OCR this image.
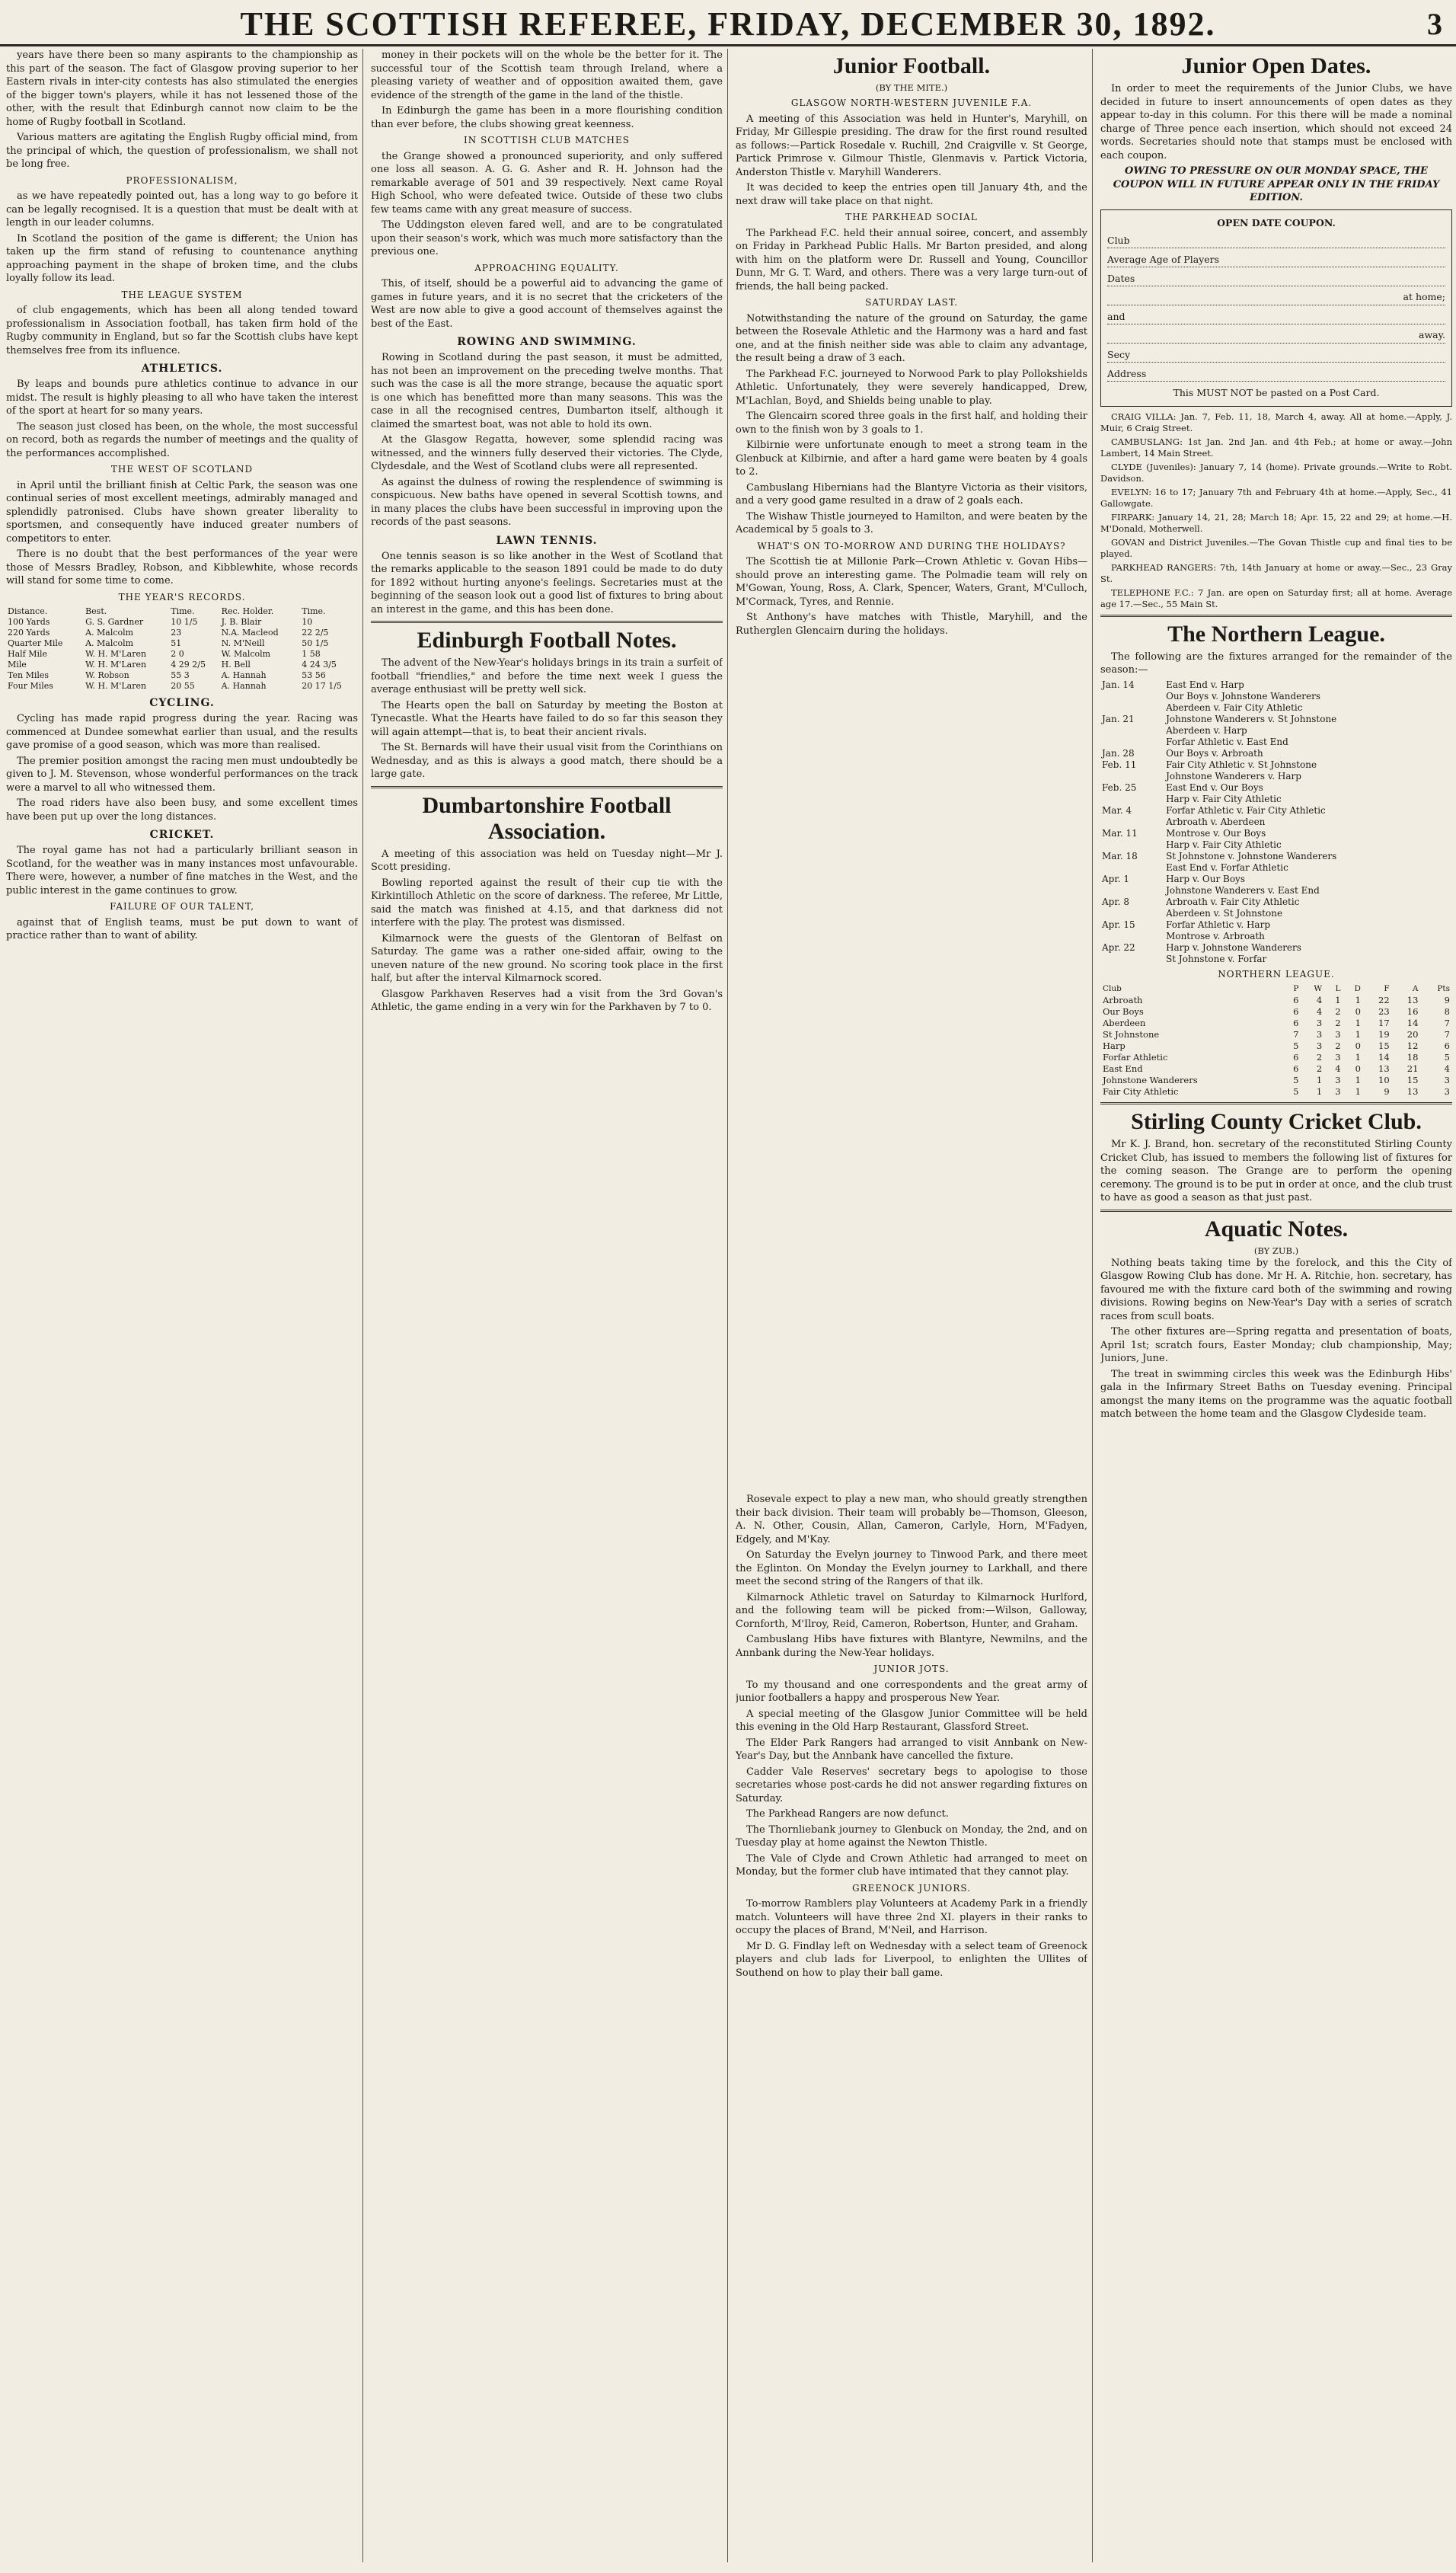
THE SCOTTISH REFEREE, FRIDAY, DECEMBER 30, 1892.	3

years have there been so many aspirants to the championship as this part of the season. The fact of Glasgow proving superior to her Eastern rivals in inter-city contests has also stimulated the energies of the bigger town's players, while it has not lessened those of the other, with the result that Edinburgh cannot now claim to be the home of Rugby football in Scotland.

Various matters are agitating the English Rugby official mind, from the principal of which, the question of professionalism, we shall not be long free.

PROFESSIONALISM,

as we have repeatedly pointed out, has a long way to go before it can be legally recognised. It is a question that must be dealt with at length in our leader columns.

In Scotland the position of the game is different; the Union has taken up the firm stand of refusing to countenance anything approaching payment in the shape of broken time, and the clubs loyally follow its lead.

THE LEAGUE SYSTEM

of club engagements, which has been all along tended toward professionalism in Association football, has taken firm hold of the Rugby community in England, but so far the Scottish clubs have kept themselves free from its influence.

ATHLETICS.

By leaps and bounds pure athletics continue to advance in our midst. The result is highly pleasing to all who have taken the interest of the sport at heart for so many years.

The season just closed has been, on the whole, the most successful on record, both as regards the number of meetings and the quality of the performances accomplished.

THE WEST OF SCOTLAND

in April until the brilliant finish at Celtic Park, the season was one continual series of most excellent meetings, admirably managed and splendidly patronised. Clubs have shown greater liberality to sportsmen, and consequently have induced greater numbers of competitors to enter.

There is no doubt that the best performances of the year were those of Messrs Bradley, Robson, and Kibblewhite, whose records will stand for some time to come.

THE YEAR'S RECORDS.
Distance.	Best.	Time.	Rec. Holder.	Time.
100 Yards	G. S. Gardner	10 1/5	J. B. Blair	10
220 Yards	A. Malcolm	23	N.A. Macleod	22 2/5
Quarter Mile	A. Malcolm	51	N. M'Neill	50 1/5
Half Mile	W. H. M'Laren	2 0	W. Malcolm	1 58
Mile	W. H. M'Laren	4 29 2/5	H. Bell	4 24 3/5
Ten Miles	W. Robson	55 3	A. Hannah	53 56
Four Miles	W. H. M'Laren	20 55	A. Hannah	20 17 1/5
CYCLING.

Cycling has made rapid progress during the year. Racing was commenced at Dundee somewhat earlier than usual, and the results gave promise of a good season, which was more than realised.

The premier position amongst the racing men must undoubtedly be given to J. M. Stevenson, whose wonderful performances on the track were a marvel to all who witnessed them.

The road riders have also been busy, and some excellent times have been put up over the long distances.

CRICKET.

The royal game has not had a particularly brilliant season in Scotland, for the weather was in many instances most unfavourable. There were, however, a number of fine matches in the West, and the public interest in the game continues to grow.

FAILURE OF OUR TALENT,

against that of English teams, must be put down to want of practice rather than to want of ability.

money in their pockets will on the whole be the better for it. The successful tour of the Scottish team through Ireland, where a pleasing variety of weather and of opposition awaited them, gave evidence of the strength of the game in the land of the thistle.

In Edinburgh the game has been in a more flourishing condition than ever before, the clubs showing great keenness.

IN SCOTTISH CLUB MATCHES

the Grange showed a pronounced superiority, and only suffered one loss all season. A. G. G. Asher and R. H. Johnson had the remarkable average of 501 and 39 respectively. Next came Royal High School, who were defeated twice. Outside of these two clubs few teams came with any great measure of success.

The Uddingston eleven fared well, and are to be congratulated upon their season's work, which was much more satisfactory than the previous one.

APPROACHING EQUALITY.

This, of itself, should be a powerful aid to advancing the game of games in future years, and it is no secret that the cricketers of the West are now able to give a good account of themselves against the best of the East.

ROWING AND SWIMMING.

Rowing in Scotland during the past season, it must be admitted, has not been an improvement on the preceding twelve months. That such was the case is all the more strange, because the aquatic sport is one which has benefitted more than many seasons. This was the case in all the recognised centres, Dumbarton itself, although it claimed the smartest boat, was not able to hold its own.

At the Glasgow Regatta, however, some splendid racing was witnessed, and the winners fully deserved their victories. The Clyde, Clydesdale, and the West of Scotland clubs were all represented.

As against the dulness of rowing the resplendence of swimming is conspicuous. New baths have opened in several Scottish towns, and in many places the clubs have been successful in improving upon the records of the past seasons.

LAWN TENNIS.

One tennis season is so like another in the West of Scotland that the remarks applicable to the season 1891 could be made to do duty for 1892 without hurting anyone's feelings. Secretaries must at the beginning of the season look out a good list of fixtures to bring about an interest in the game, and this has been done.

Edinburgh Football Notes.

The advent of the New-Year's holidays brings in its train a surfeit of football "friendlies," and before the time next week I guess the average enthusiast will be pretty well sick.

The Hearts open the ball on Saturday by meeting the Boston at Tynecastle. What the Hearts have failed to do so far this season they will again attempt—that is, to beat their ancient rivals.

The St. Bernards will have their usual visit from the Corinthians on Wednesday, and as this is always a good match, there should be a large gate.

Dumbartonshire Football Association.

A meeting of this association was held on Tuesday night—Mr J. Scott presiding.

Bowling reported against the result of their cup tie with the Kirkintilloch Athletic on the score of darkness. The referee, Mr Little, said the match was finished at 4.15, and that darkness did not interfere with the play. The protest was dismissed.

Kilmarnock were the guests of the Glentoran of Belfast on Saturday. The game was a rather one-sided affair, owing to the uneven nature of the new ground. No scoring took place in the first half, but after the interval Kilmarnock scored.

Glasgow Parkhaven Reserves had a visit from the 3rd Govan's Athletic, the game ending in a very win for the Parkhaven by 7 to 0.

Junior Football.
(BY THE MITE.)
GLASGOW NORTH-WESTERN JUVENILE F.A.

A meeting of this Association was held in Hunter's, Maryhill, on Friday, Mr Gillespie presiding. The draw for the first round resulted as follows:—Partick Rosedale v. Ruchill, 2nd Craigville v. St George, Partick Primrose v. Gilmour Thistle, Glenmavis v. Partick Victoria, Anderston Thistle v. Maryhill Wanderers.

It was decided to keep the entries open till January 4th, and the next draw will take place on that night.

THE PARKHEAD SOCIAL

The Parkhead F.C. held their annual soiree, concert, and assembly on Friday in Parkhead Public Halls. Mr Barton presided, and along with him on the platform were Dr. Russell and Young, Councillor Dunn, Mr G. T. Ward, and others. There was a very large turn-out of friends, the hall being packed.

SATURDAY LAST.

Notwithstanding the nature of the ground on Saturday, the game between the Rosevale Athletic and the Harmony was a hard and fast one, and at the finish neither side was able to claim any advantage, the result being a draw of 3 each.

The Parkhead F.C. journeyed to Norwood Park to play Pollokshields Athletic. Unfortunately, they were severely handicapped, Drew, M'Lachlan, Boyd, and Shields being unable to play.

The Glencairn scored three goals in the first half, and holding their own to the finish won by 3 goals to 1.

Kilbirnie were unfortunate enough to meet a strong team in the Glenbuck at Kilbirnie, and after a hard game were beaten by 4 goals to 2.

Cambuslang Hibernians had the Blantyre Victoria as their visitors, and a very good game resulted in a draw of 2 goals each.

The Wishaw Thistle journeyed to Hamilton, and were beaten by the Academical by 5 goals to 3.

WHAT'S ON TO-MORROW AND DURING THE HOLIDAYS?

The Scottish tie at Millonie Park—Crown Athletic v. Govan Hibs—should prove an interesting game. The Polmadie team will rely on M'Gowan, Young, Ross, A. Clark, Spencer, Waters, Grant, M'Culloch, M'Cormack, Tyres, and Rennie.

St Anthony's have matches with Thistle, Maryhill, and the Rutherglen Glencairn during the holidays.

Rosevale expect to play a new man, who should greatly strengthen their back division. Their team will probably be—Thomson, Gleeson, A. N. Other, Cousin, Allan, Cameron, Carlyle, Horn, M'Fadyen, Edgely, and M'Kay.

On Saturday the Evelyn journey to Tinwood Park, and there meet the Eglinton. On Monday the Evelyn journey to Larkhall, and there meet the second string of the Rangers of that ilk.

Kilmarnock Athletic travel on Saturday to Kilmarnock Hurlford, and the following team will be picked from:—Wilson, Galloway, Cornforth, M'Ilroy, Reid, Cameron, Robertson, Hunter, and Graham.

Cambuslang Hibs have fixtures with Blantyre, Newmilns, and the Annbank during the New-Year holidays.

JUNIOR JOTS.

To my thousand and one correspondents and the great army of junior footballers a happy and prosperous New Year.

A special meeting of the Glasgow Junior Committee will be held this evening in the Old Harp Restaurant, Glassford Street.

The Elder Park Rangers had arranged to visit Annbank on New-Year's Day, but the Annbank have cancelled the fixture.

Cadder Vale Reserves' secretary begs to apologise to those secretaries whose post-cards he did not answer regarding fixtures on Saturday.

The Parkhead Rangers are now defunct.

The Thornliebank journey to Glenbuck on Monday, the 2nd, and on Tuesday play at home against the Newton Thistle.

The Vale of Clyde and Crown Athletic had arranged to meet on Monday, but the former club have intimated that they cannot play.

GREENOCK JUNIORS.

To-morrow Ramblers play Volunteers at Academy Park in a friendly match. Volunteers will have three 2nd XI. players in their ranks to occupy the places of Brand, M'Neil, and Harrison.

Mr D. G. Findlay left on Wednesday with a select team of Greenock players and club lads for Liverpool, to enlighten the Ullites of Southend on how to play their ball game.

Junior Open Dates.

In order to meet the requirements of the Junior Clubs, we have decided in future to insert announcements of open dates as they appear to-day in this column. For this there will be made a nominal charge of Three pence each insertion, which should not exceed 24 words. Secretaries should note that stamps must be enclosed with each coupon.

OWING TO PRESSURE ON OUR MONDAY SPACE, THE COUPON WILL IN FUTURE APPEAR ONLY IN THE FRIDAY EDITION.

OPEN DATE COUPON.
Club
Average Age of Players
Dates
at home;
and
away.
Secy
Address
This MUST NOT be pasted on a Post Card.

CRAIG VILLA: Jan. 7, Feb. 11, 18, March 4, away. All at home.—Apply, J. Muir, 6 Craig Street.

CAMBUSLANG: 1st Jan. 2nd Jan. and 4th Feb.; at home or away.—John Lambert, 14 Main Street.

CLYDE (Juveniles): January 7, 14 (home). Private grounds.—Write to Robt. Davidson.

EVELYN: 16 to 17; January 7th and February 4th at home.—Apply, Sec., 41 Gallowgate.

FIRPARK: January 14, 21, 28; March 18; Apr. 15, 22 and 29; at home.—H. M'Donald, Motherwell.

GOVAN and District Juveniles.—The Govan Thistle cup and final ties to be played.

PARKHEAD RANGERS: 7th, 14th January at home or away.—Sec., 23 Gray St.

TELEPHONE F.C.: 7 Jan. are open on Saturday first; all at home. Average age 17.—Sec., 55 Main St.

The Northern League.

The following are the fixtures arranged for the remainder of the season:—

Jan. 14	East End v. Harp
	Our Boys v. Johnstone Wanderers
	Aberdeen v. Fair City Athletic
Jan. 21	Johnstone Wanderers v. St Johnstone
	Aberdeen v. Harp
	Forfar Athletic v. East End
Jan. 28	Our Boys v. Arbroath
Feb. 11	Fair City Athletic v. St Johnstone
	Johnstone Wanderers v. Harp
Feb. 25	East End v. Our Boys
	Harp v. Fair City Athletic
Mar. 4	Forfar Athletic v. Fair City Athletic
	Arbroath v. Aberdeen
Mar. 11	Montrose v. Our Boys
	Harp v. Fair City Athletic
Mar. 18	St Johnstone v. Johnstone Wanderers
	East End v. Forfar Athletic
Apr. 1	Harp v. Our Boys
	Johnstone Wanderers v. East End
Apr. 8	Arbroath v. Fair City Athletic
	Aberdeen v. St Johnstone
Apr. 15	Forfar Athletic v. Harp
	Montrose v. Arbroath
Apr. 22	Harp v. Johnstone Wanderers
	St Johnstone v. Forfar
NORTHERN LEAGUE.
Club	P	W	L	D	F	A	Pts
Arbroath	6	4	1	1	22	13	9
Our Boys	6	4	2	0	23	16	8
Aberdeen	6	3	2	1	17	14	7
St Johnstone	7	3	3	1	19	20	7
Harp	5	3	2	0	15	12	6
Forfar Athletic	6	2	3	1	14	18	5
East End	6	2	4	0	13	21	4
Johnstone Wanderers	5	1	3	1	10	15	3
Fair City Athletic	5	1	3	1	9	13	3
Stirling County Cricket Club.

Mr K. J. Brand, hon. secretary of the reconstituted Stirling County Cricket Club, has issued to members the following list of fixtures for the coming season. The Grange are to perform the opening ceremony. The ground is to be put in order at once, and the club trust to have as good a season as that just past.

Aquatic Notes.
(BY ZUB.)

Nothing beats taking time by the forelock, and this the City of Glasgow Rowing Club has done. Mr H. A. Ritchie, hon. secretary, has favoured me with the fixture card both of the swimming and rowing divisions. Rowing begins on New-Year's Day with a series of scratch races from scull boats.

The other fixtures are—Spring regatta and presentation of boats, April 1st; scratch fours, Easter Monday; club championship, May; Juniors, June.

The treat in swimming circles this week was the Edinburgh Hibs' gala in the Infirmary Street Baths on Tuesday evening. Principal amongst the many items on the programme was the aquatic football match between the home team and the Glasgow Clydeside team.
